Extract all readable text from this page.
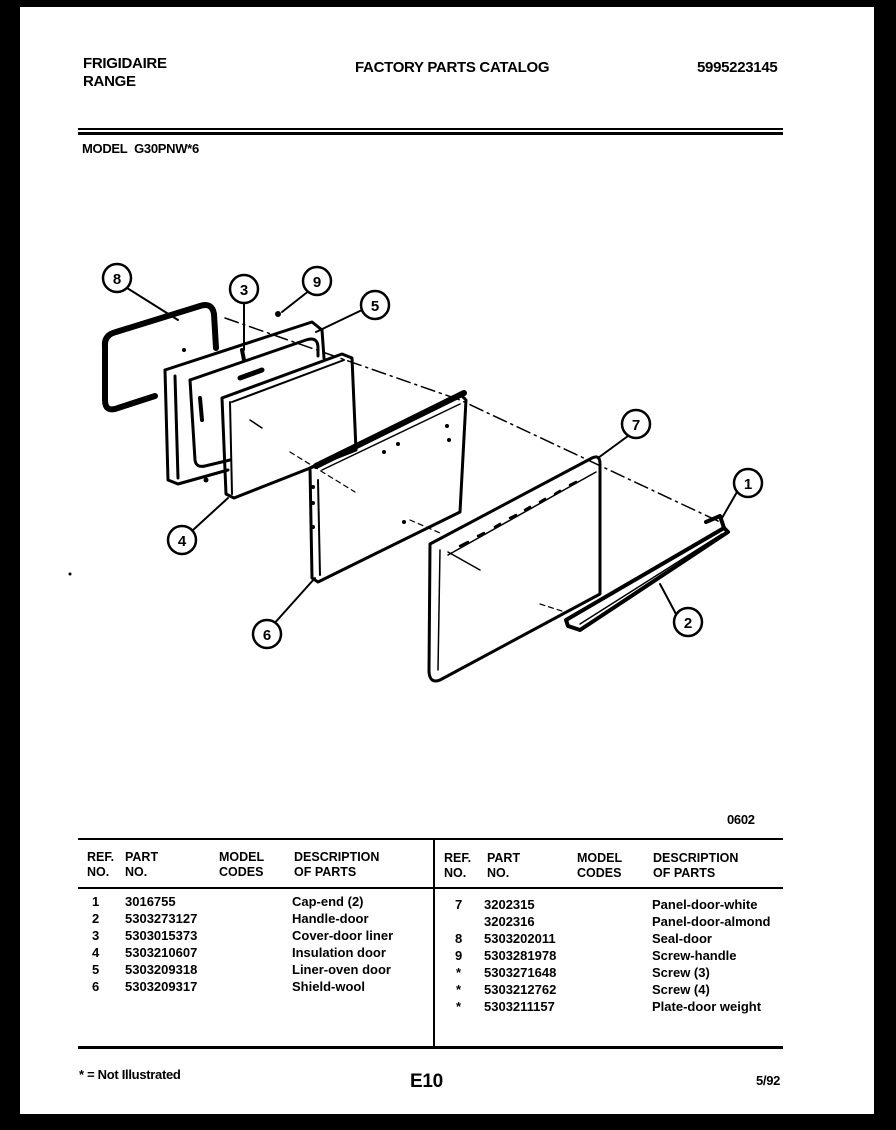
FRIGIDAIRE
RANGE
FACTORY PARTS CATALOG	5995223145
MODEL G30PNW*6
8
3	9
5
4
6
7
1
2
0602
REF.
NO.
PART
NO.
MODEL
CODES
DESCRIPTION
OF PARTS
REF.
NO.
PART
NO.
MODEL
CODES
DESCRIPTION
OF PARTS
1 3016755	Cap-end (2)
2 5303273127	Handle-door
3 5303015373	Cover-door liner
4 5303210607	Insulation door
5 5303209318	Liner-oven door
6 5303209317	Shield-wool
7 3202315	Panel-door-white
3202316	Panel-door-almond
8 5303202011	Seal-door
9 5303281978	Screw-handle
* 5303271648	Screw (3)
* 5303212762	Screw (4)
* 5303211157	Plate-door weight
* = Not Illustrated	E10	5/92
